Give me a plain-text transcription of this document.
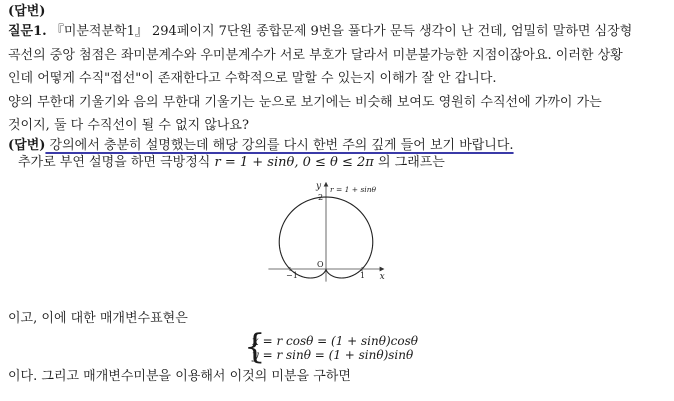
(답변)
질문1. 『미분적분학1』 294페이지 7단원 종합문제 9번을 풀다가 문득 생각이 난 건데, 엄밀히 말하면 심장형
곡선의 중앙 첨점은 좌미분계수와 우미분계수가 서로 부호가 달라서 미분불가능한 지점이잖아요. 이러한 상황
인데 어떻게 수직"접선"이 존재한다고 수학적으로 말할 수 있는지 이해가 잘 안 갑니다.
양의 무한대 기울기와 음의 무한대 기울기는 눈으로 보기에는 비슷해 보여도 영원히 수직선에 가까이 가는
것이지, 둘 다 수직선이 될 수 없지 않나요?
(답변) 강의에서 충분히 설명했는데 해당 강의를 다시 한번 주의 깊게 들어 보기 바랍니다.
추가로 부연 설명을 하면 극방정식 r = 1 + sinθ, 0 ≤ θ ≤ 2π 의 그래프는
r = 1 + sinθ
y
x
2
O
−1	1
이고, 이에 대한 매개변수표현은
{
x = r cosθ = (1 + sinθ)cosθ
y = r sinθ = (1 + sinθ)sinθ
이다. 그리고 매개변수미분을 이용해서 이것의 미분을 구하면
